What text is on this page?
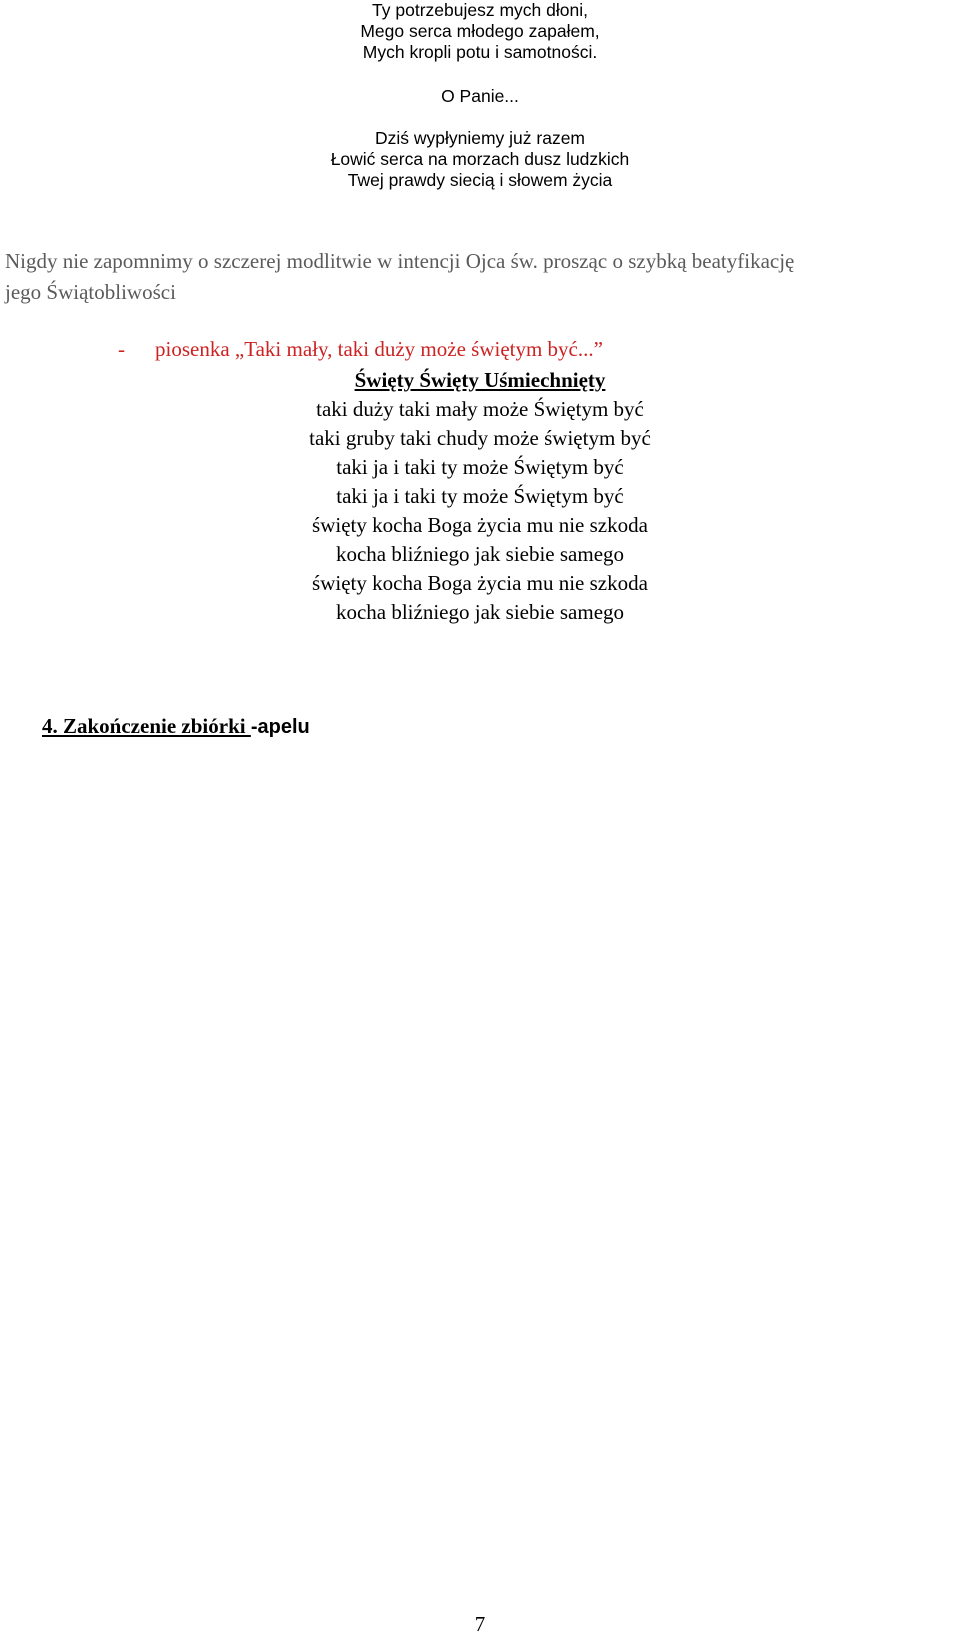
Ty potrzebujesz mych dłoni,
Mego serca młodego zapałem,
Mych kropli potu i samotności.
O Panie...
Dziś wypłyniemy już razem
Łowić serca na morzach dusz ludzkich
Twej prawdy siecią i słowem życia
Nigdy nie zapomnimy o szczerej modlitwie w intencji Ojca św. prosząc o szybką beatyfikację
jego Świątobliwości
- piosenka „Taki mały, taki duży może świętym być...”
Święty Święty Uśmiechnięty
taki duży taki mały może Świętym być
taki gruby taki chudy może świętym być
taki ja i taki ty może Świętym być
taki ja i taki ty może Świętym być
święty kocha Boga życia mu nie szkoda
kocha bliźniego jak siebie samego
święty kocha Boga życia mu nie szkoda
kocha bliźniego jak siebie samego
4. Zakończenie zbiórki -apelu
7
